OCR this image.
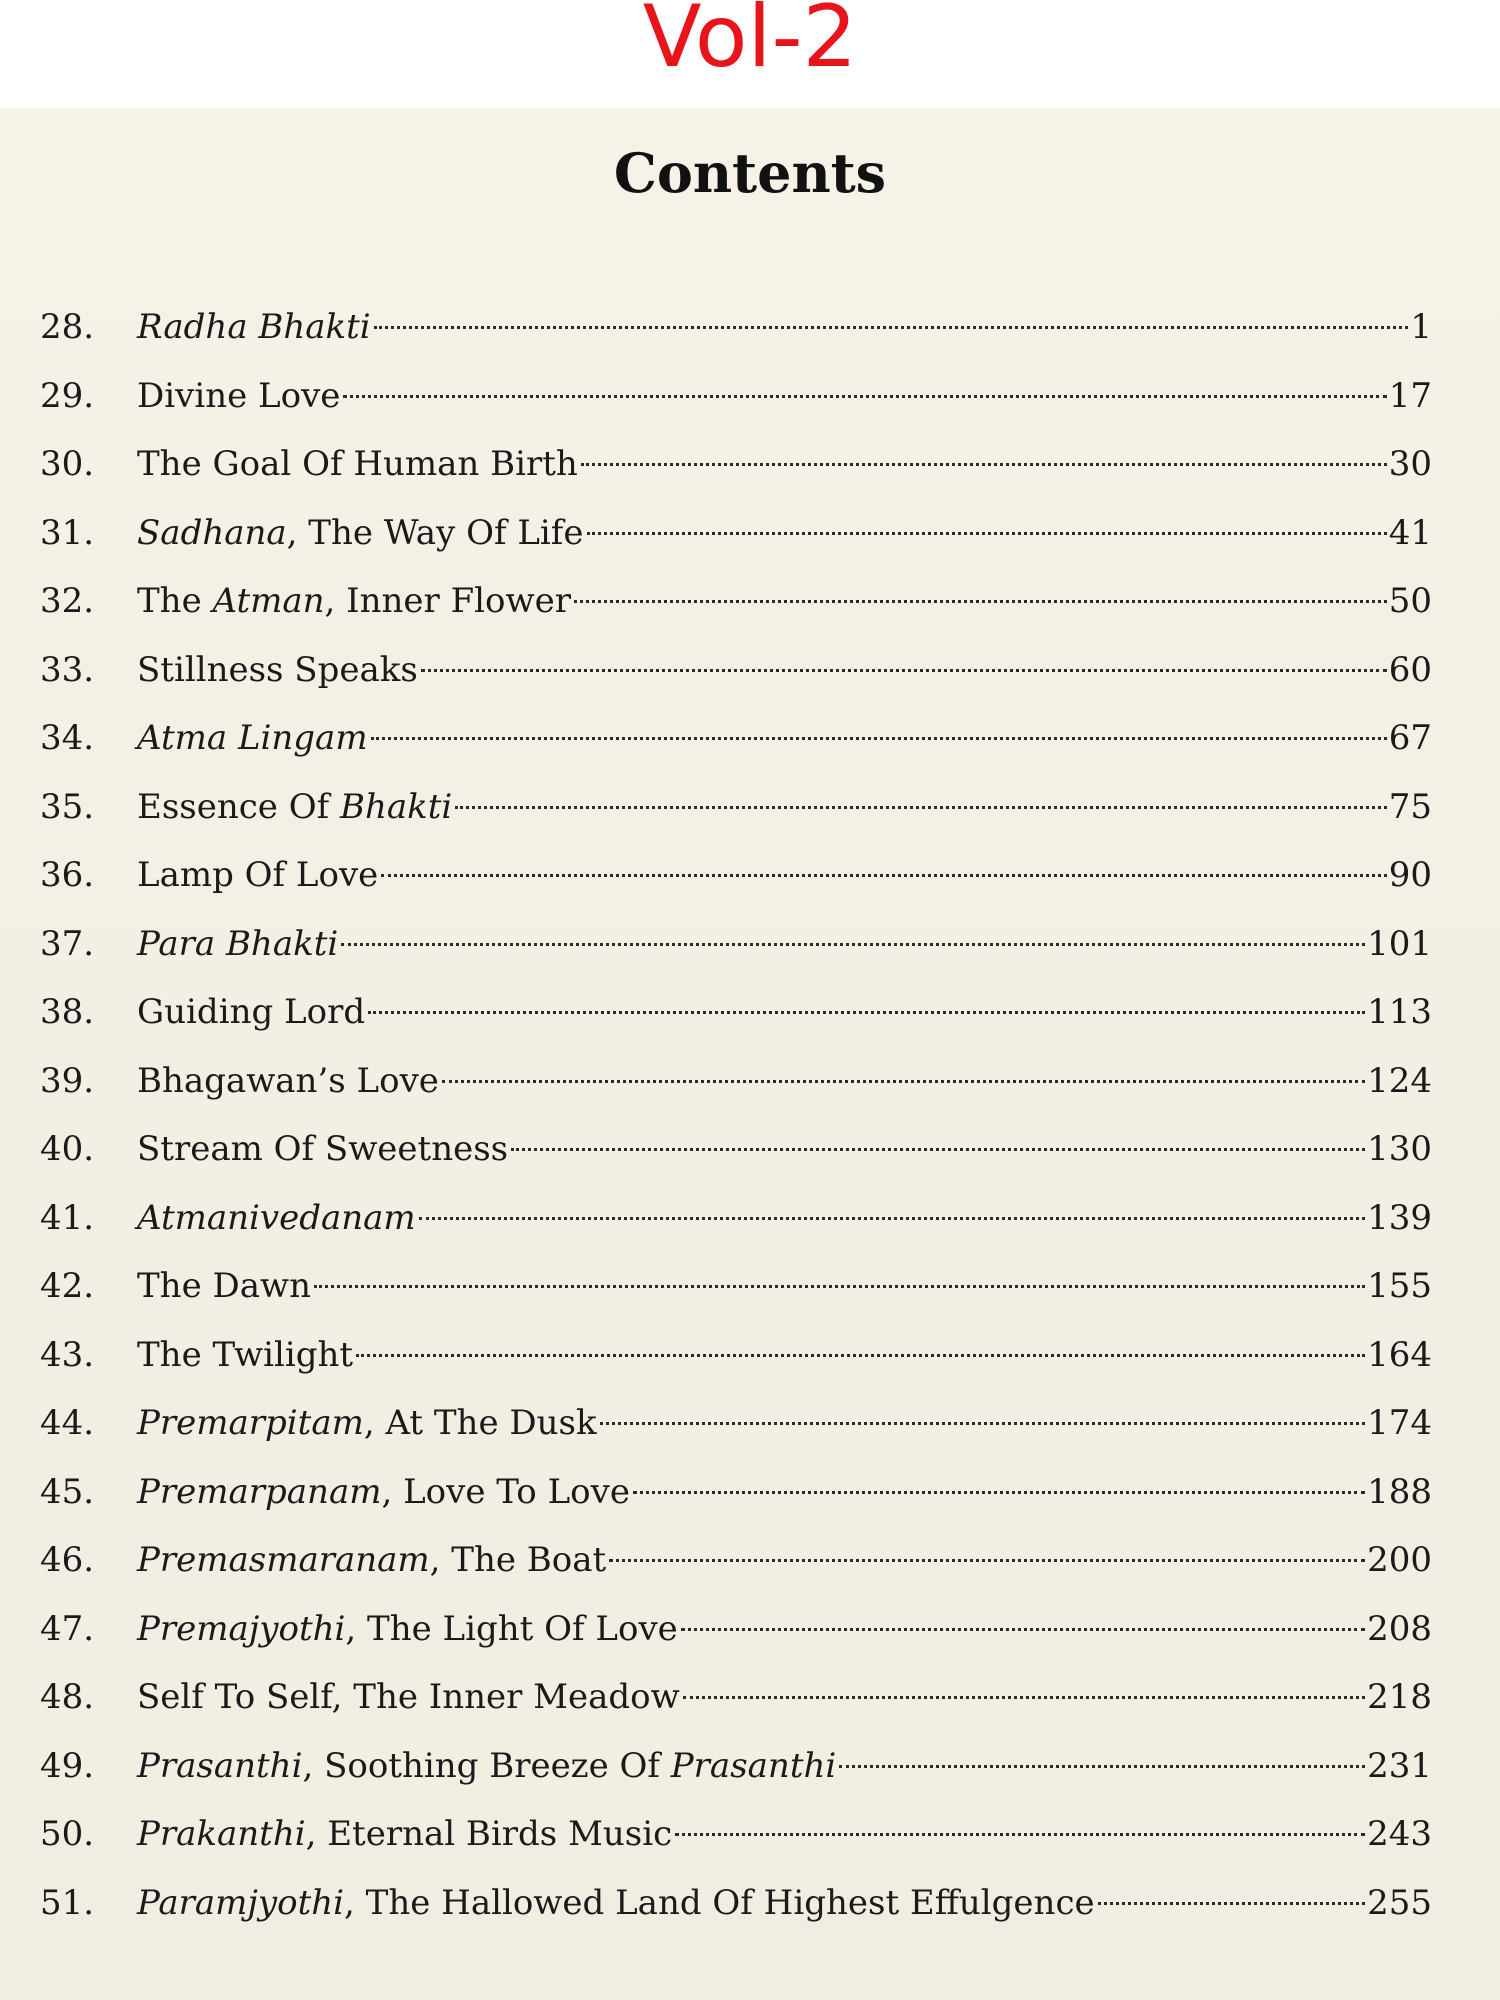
Vol-2
Contents
28.	Radha Bhakti	1
29.	Divine Love	17
30.	The Goal Of Human Birth	30
31.	Sadhana, The Way Of Life	41
32.	The Atman, Inner Flower	50
33.	Stillness Speaks	60
34.	Atma Lingam	67
35.	Essence Of Bhakti	75
36.	Lamp Of Love	90
37.	Para Bhakti	101
38.	Guiding Lord	113
39.	Bhagawan’s Love	124
40.	Stream Of Sweetness	130
41.	Atmanivedanam	139
42.	The Dawn	155
43.	The Twilight	164
44.	Premarpitam, At The Dusk	174
45.	Premarpanam, Love To Love	188
46.	Premasmaranam, The Boat	200
47.	Premajyothi, The Light Of Love	208
48.	Self To Self, The Inner Meadow	218
49.	Prasanthi, Soothing Breeze Of Prasanthi	231
50.	Prakanthi, Eternal Birds Music	243
51.	Paramjyothi, The Hallowed Land Of Highest Effulgence	255
